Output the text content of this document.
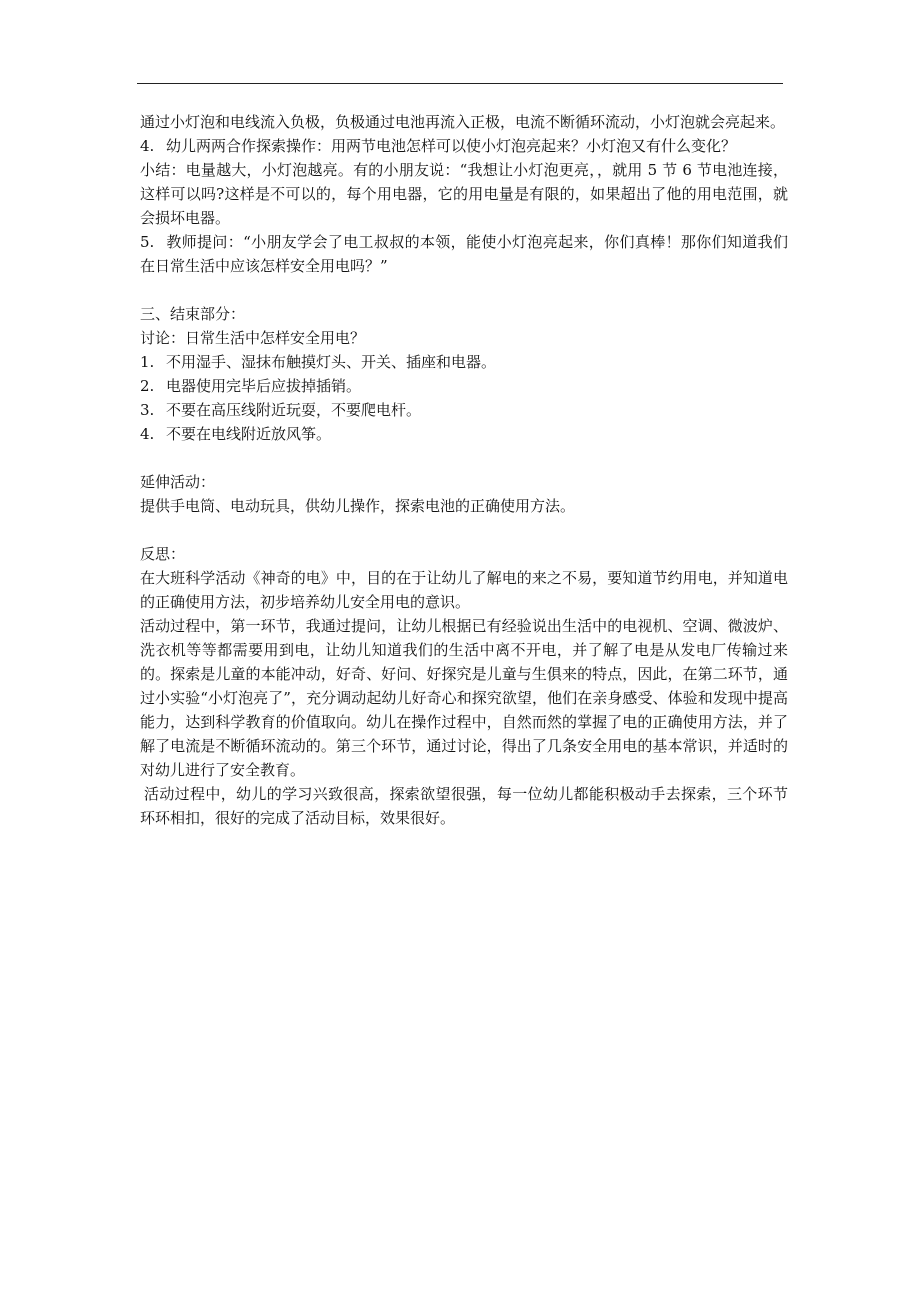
通过小灯泡和电线流入负极，负极通过电池再流入正极，电流不断循环流动，小灯泡就会亮起来。

4. 幼儿两两合作探索操作：用两节电池怎样可以使小灯泡亮起来？小灯泡又有什么变化？

小结：电量越大，小灯泡越亮。有的小朋友说：“我想让小灯泡更亮，，就用 5 节 6 节电池连接，这样可以吗?这样是不可以的，每个用电器，它的用电量是有限的，如果超出了他的用电范围，就会损坏电器。

5. 教师提问：“小朋友学会了电工叔叔的本领，能使小灯泡亮起来，你们真棒！那你们知道我们在日常生活中应该怎样安全用电吗？”

三、结束部分：

讨论：日常生活中怎样安全用电？

1. 不用湿手、湿抹布触摸灯头、开关、插座和电器。

2. 电器使用完毕后应拔掉插销。

3. 不要在高压线附近玩耍，不要爬电杆。

4. 不要在电线附近放风筝。

延伸活动：

提供手电筒、电动玩具，供幼儿操作，探索电池的正确使用方法。

反思：

在大班科学活动《神奇的电》中，目的在于让幼儿了解电的来之不易，要知道节约用电，并知道电的正确使用方法，初步培养幼儿安全用电的意识。

活动过程中，第一环节，我通过提问，让幼儿根据已有经验说出生活中的电视机、空调、微波炉、洗衣机等等都需要用到电，让幼儿知道我们的生活中离不开电，并了解了电是从发电厂传输过来的。探索是儿童的本能冲动，好奇、好问、好探究是儿童与生俱来的特点，因此，在第二环节，通过小实验“小灯泡亮了”，充分调动起幼儿好奇心和探究欲望，他们在亲身感受、体验和发现中提高能力，达到科学教育的价值取向。幼儿在操作过程中，自然而然的掌握了电的正确使用方法，并了解了电流是不断循环流动的。第三个环节，通过讨论，得出了几条安全用电的基本常识，并适时的对幼儿进行了安全教育。

活动过程中，幼儿的学习兴致很高，探索欲望很强，每一位幼儿都能积极动手去探索，三个环节环环相扣，很好的完成了活动目标，效果很好。
